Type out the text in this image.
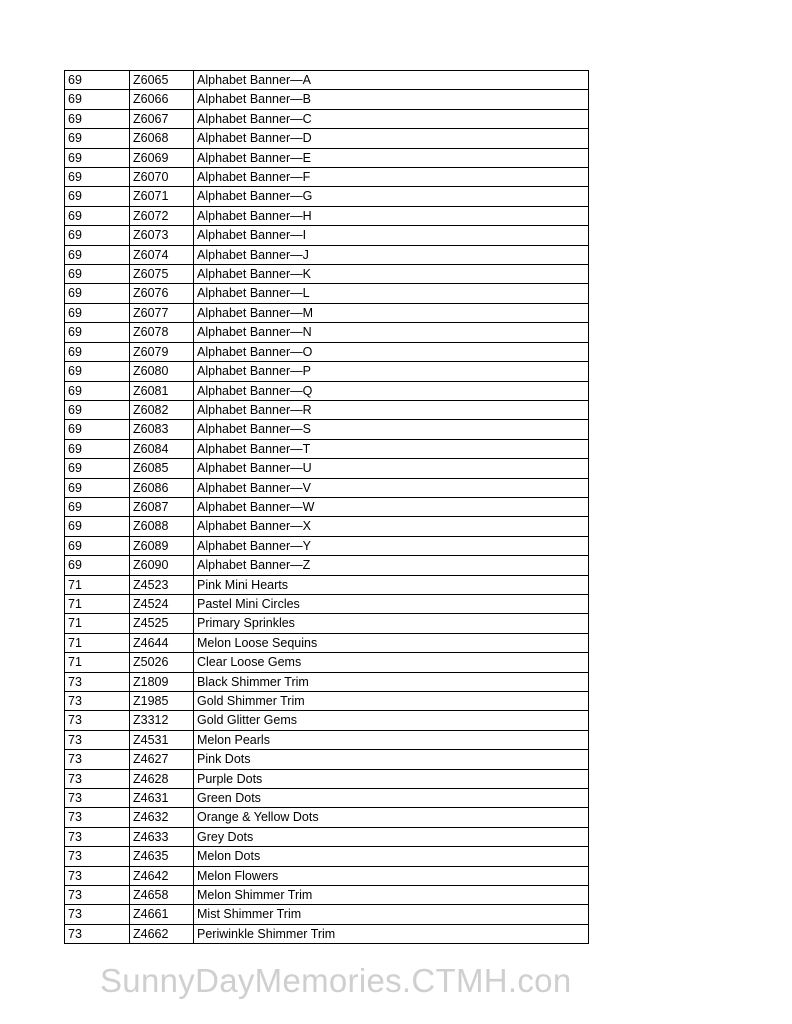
69	Z6065	Alphabet Banner—A
69	Z6066	Alphabet Banner—B
69	Z6067	Alphabet Banner—C
69	Z6068	Alphabet Banner—D
69	Z6069	Alphabet Banner—E
69	Z6070	Alphabet Banner—F
69	Z6071	Alphabet Banner—G
69	Z6072	Alphabet Banner—H
69	Z6073	Alphabet Banner—I
69	Z6074	Alphabet Banner—J
69	Z6075	Alphabet Banner—K
69	Z6076	Alphabet Banner—L
69	Z6077	Alphabet Banner—M
69	Z6078	Alphabet Banner—N
69	Z6079	Alphabet Banner—O
69	Z6080	Alphabet Banner—P
69	Z6081	Alphabet Banner—Q
69	Z6082	Alphabet Banner—R
69	Z6083	Alphabet Banner—S
69	Z6084	Alphabet Banner—T
69	Z6085	Alphabet Banner—U
69	Z6086	Alphabet Banner—V
69	Z6087	Alphabet Banner—W
69	Z6088	Alphabet Banner—X
69	Z6089	Alphabet Banner—Y
69	Z6090	Alphabet Banner—Z
71	Z4523	Pink Mini Hearts
71	Z4524	Pastel Mini Circles
71	Z4525	Primary Sprinkles
71	Z4644	Melon Loose Sequins
71	Z5026	Clear Loose Gems
73	Z1809	Black Shimmer Trim
73	Z1985	Gold Shimmer Trim
73	Z3312	Gold Glitter Gems
73	Z4531	Melon Pearls
73	Z4627	Pink Dots
73	Z4628	Purple Dots
73	Z4631	Green Dots
73	Z4632	Orange & Yellow Dots
73	Z4633	Grey Dots
73	Z4635	Melon Dots
73	Z4642	Melon Flowers
73	Z4658	Melon Shimmer Trim
73	Z4661	Mist Shimmer Trim
73	Z4662	Periwinkle Shimmer Trim
SunnyDayMemories.CTMH.con
